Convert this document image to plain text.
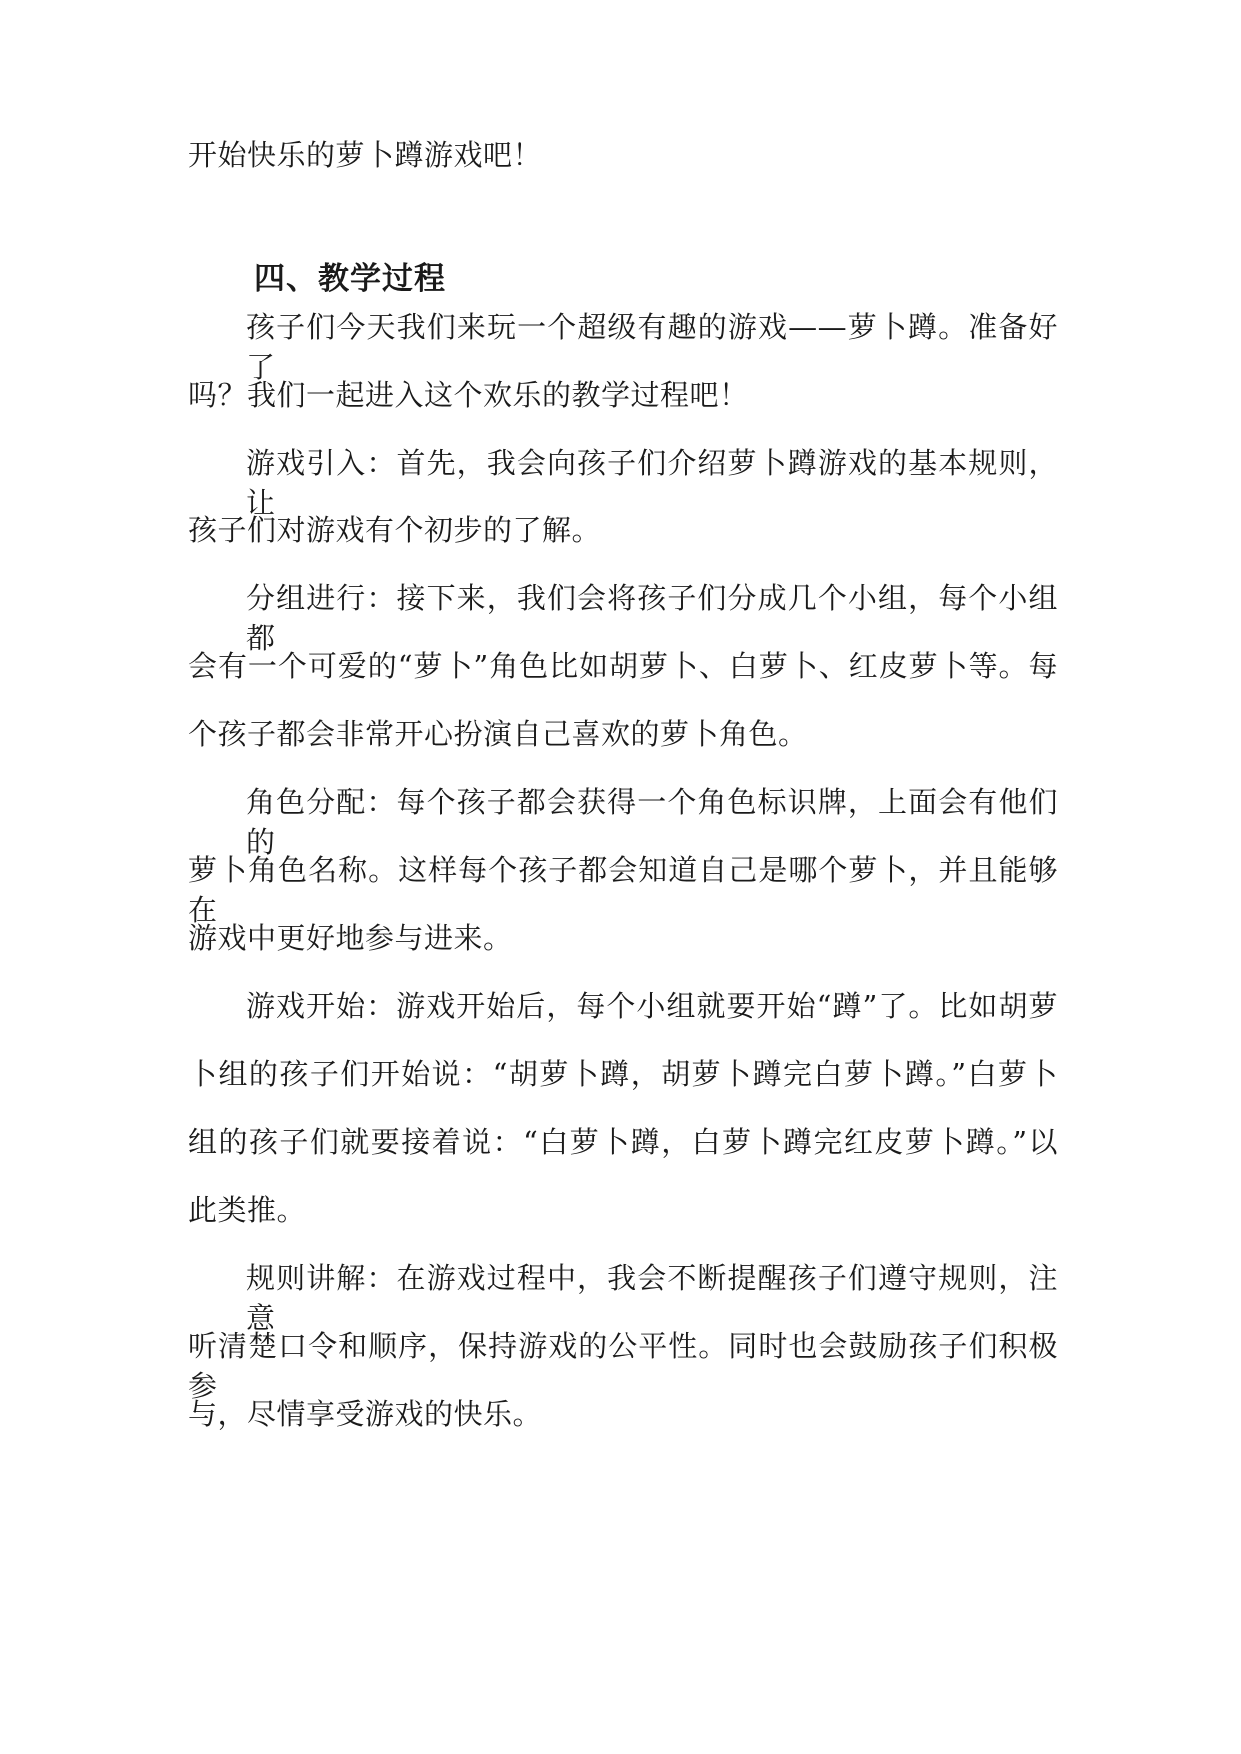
开始快乐的萝卜蹲游戏吧！
四、教学过程
孩子们今天我们来玩一个超级有趣的游戏——萝卜蹲。准备好了
吗？我们一起进入这个欢乐的教学过程吧！
游戏引入：首先，我会向孩子们介绍萝卜蹲游戏的基本规则，让
孩子们对游戏有个初步的了解。
分组进行：接下来，我们会将孩子们分成几个小组，每个小组都
会有一个可爱的“萝卜”角色比如胡萝卜、白萝卜、红皮萝卜等。每
个孩子都会非常开心扮演自己喜欢的萝卜角色。
角色分配：每个孩子都会获得一个角色标识牌，上面会有他们的
萝卜角色名称。这样每个孩子都会知道自己是哪个萝卜，并且能够在
游戏中更好地参与进来。
游戏开始：游戏开始后，每个小组就要开始“蹲”了。比如胡萝
卜组的孩子们开始说：“胡萝卜蹲，胡萝卜蹲完白萝卜蹲。”白萝卜
组的孩子们就要接着说：“白萝卜蹲，白萝卜蹲完红皮萝卜蹲。”以
此类推。
规则讲解：在游戏过程中，我会不断提醒孩子们遵守规则，注意
听清楚口令和顺序，保持游戏的公平性。同时也会鼓励孩子们积极参
与，尽情享受游戏的快乐。
